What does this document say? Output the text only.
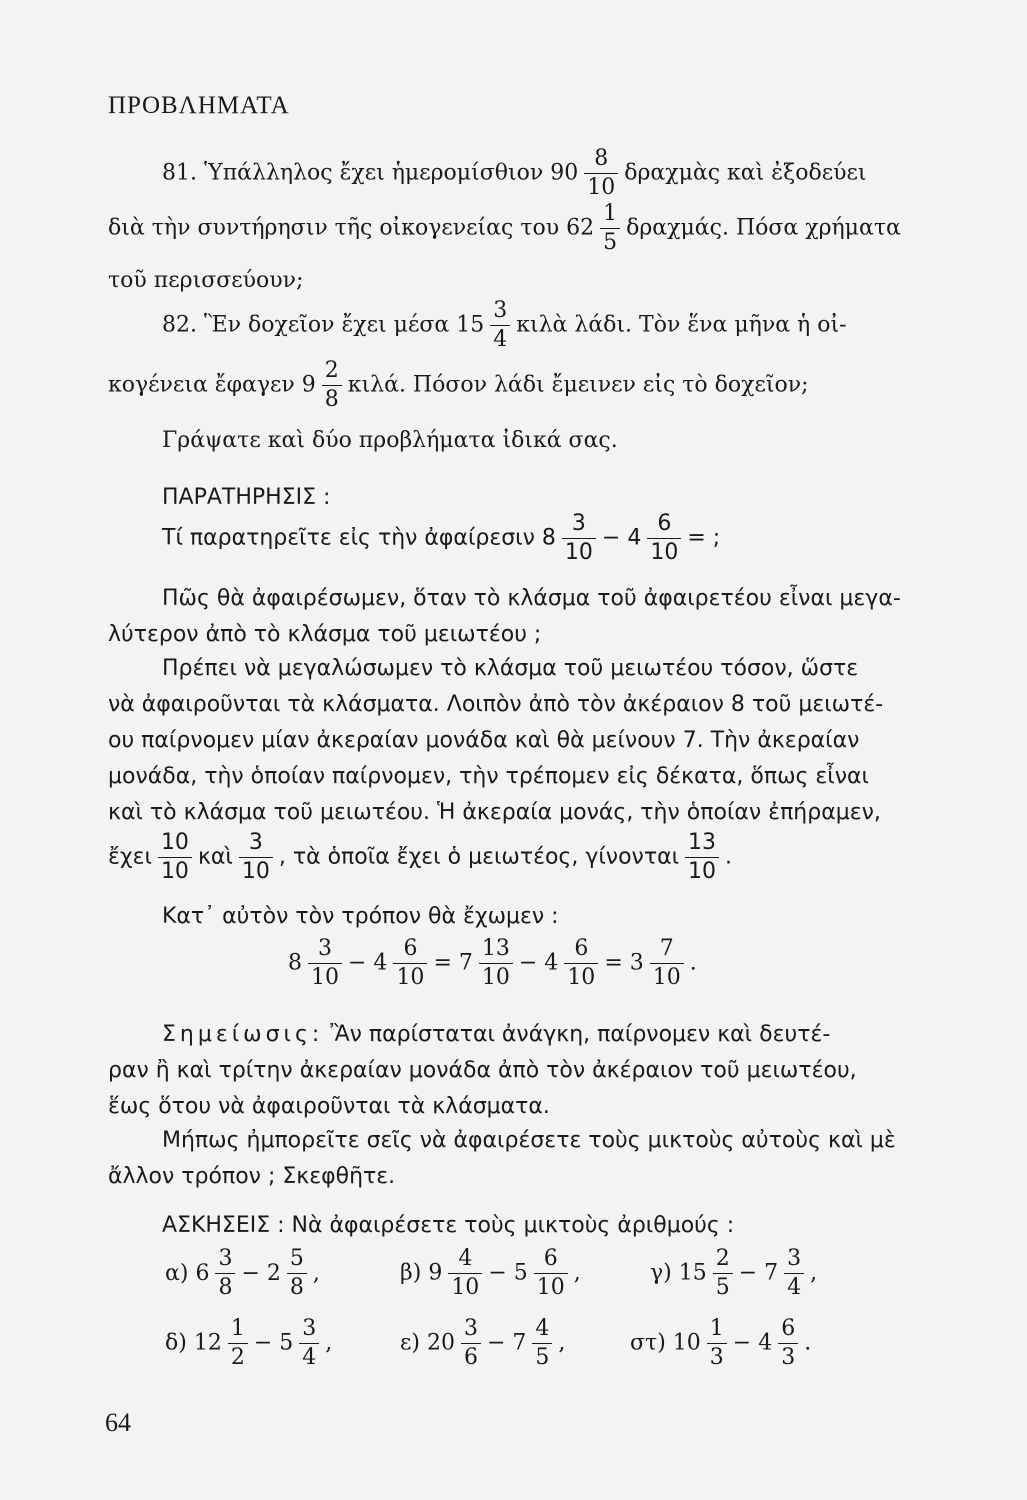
ΠΡΟΒΛΗΜΑΤΑ
81. Ὑπάλληλος ἔχει ἡμερομίσθιον $90 \frac{8}{10}$ δραχμὰς καὶ ἐξοδεύει
διὰ τὴν συντήρησιν τῆς οἰκογενείας του $62 \frac{1}{5} \delta\rho\alpha\chi\mu ά\varsigma$. Πόσα χρήματα
τοῦ περισσεύουν;
82. Ἓν δοχεῖον ἔχει μέσα $15 \frac{3}{4}$ κιλὰ λάδι. Τὸν ἕνα μῆνα ἡ οἰ-
κογένεια ἔφαγεν $9 \frac{2}{8} \kappa\iota\lambda ά$. Πόσον λάδι ἔμεινεν εἰς τὸ δοχεῖον;
Γράψατε καὶ δύο προβλήματα ἰδικά σας.
ΠΑΡΑΤΗΡΗΣΙΣ :
Τί παρατηρεῖτε εἰς τὴν ἀφαίρεσιν $8 \frac{3}{10} - 4 \frac{6}{10}$ = ;
Πῶς θὰ ἀφαιρέσωμεν, ὅταν τὸ κλάσμα τοῦ ἀφαιρετέου εἶναι μεγα-
λύτερον ἀπὸ τὸ κλάσμα τοῦ μειωτέου ;
Πρέπει νὰ μεγαλώσωμεν τὸ κλάσμα τοῦ μειωτέου τόσον, ὥστε
νὰ ἀφαιροῦνται τὰ κλάσματα. Λοιπὸν ἀπὸ τὸν ἀκέραιον 8 τοῦ μειωτέ-
ου παίρνομεν μίαν ἀκεραίαν μονάδα καὶ θὰ μείνουν 7. Τὴν ἀκεραίαν
μονάδα, τὴν ὁποίαν παίρνομεν, τὴν τρέπομεν εἰς δέκατα, ὅπως εἶναι
καὶ τὸ κλάσμα τοῦ μειωτέου. Ἡ ἀκεραία μονάς, τὴν ὁποίαν ἐπήραμεν,
ἔχει $\frac{10}{10}$ καὶ $\frac{3}{10}$ , τὰ ὁποῖα ἔχει ὁ μειωτέος, γίνονται $\frac{13}{10}$ .
Κατ᾿ αὐτὸν τὸν τρόπον θὰ ἔχωμεν :
$8 \frac{3}{10} - 4 \frac{6}{10} = 7 \frac{13}{10} - 4 \frac{6}{10} = 3 \frac{7}{10}$ .
Σημείωσις: Ἂν παρίσταται ἀνάγκη, παίρνομεν καὶ δευτέ-
ραν ἢ καὶ τρίτην ἀκεραίαν μονάδα ἀπὸ τὸν ἀκέραιον τοῦ μειωτέου,
ἕως ὅτου νὰ ἀφαιροῦνται τὰ κλάσματα.
Μήπως ἠμπορεῖτε σεῖς νὰ ἀφαιρέσετε τοὺς μικτοὺς αὐτοὺς καὶ μὲ
ἄλλον τρόπον ; Σκεφθῆτε.
ΑΣΚΗΣΕΙΣ : Νὰ ἀφαιρέσετε τοὺς μικτοὺς ἀριθμούς :
α) $6 \frac{3}{8} - 2 \frac{5}{8}$ ,	β) $9 \frac{4}{10} - 5 \frac{6}{10}$ ,	γ) $15 \frac{2}{5} - 7 \frac{3}{4}$ ,
δ) $12 \frac{1}{2} - 5 \frac{3}{4}$ ,	ε) $20 \frac{3}{6} - 7 \frac{4}{5}$ ,	στ) $10 \frac{1}{3} - 4 \frac{6}{3}$ .
64
